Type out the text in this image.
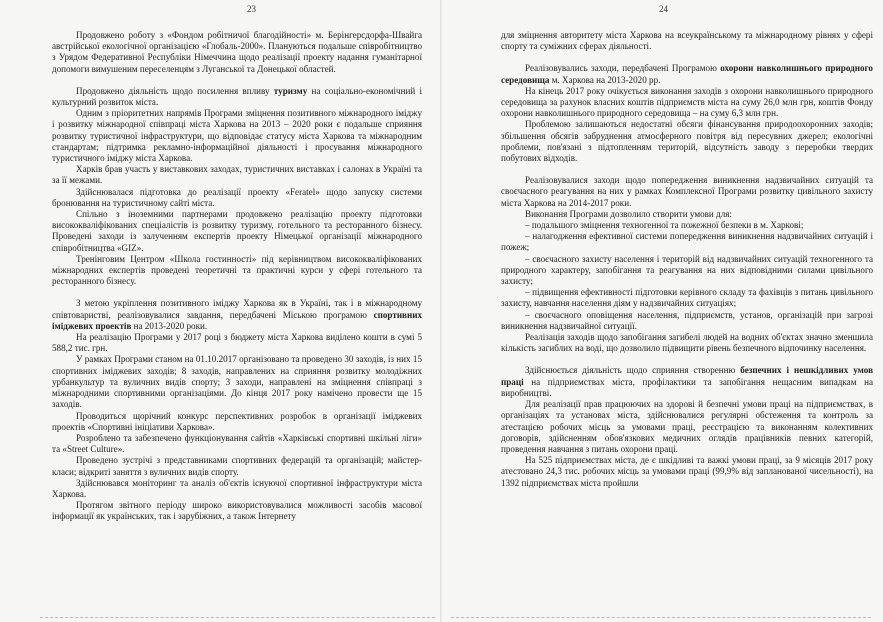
23

Продовжено роботу з «Фондом робітничої благодійності» м. Берінгерсдорфа-Швайга австрійської екологічної організацією «Глобаль-2000». Плануються подальше співробітництво з Урядом Федеративної Республіки Німеччина щодо реалізації проекту надання гуманітарної допомоги вимушеним переселенцям з Луганської та Донецької областей.

Продовжено діяльність щодо посилення впливу туризму на соціально-економічний і культурний розвиток міста.

Одним з пріоритетних напрямів Програми зміцнення позитивного міжнародного іміджу і розвитку міжнародної співпраці міста Харкова на 2013 – 2020 роки є подальше сприяння розвитку туристичної інфраструктури, що відповідає статусу міста Харкова та міжнародним стандартам; підтримка рекламно-інформаційної діяльності і просування міжнародного туристичного іміджу міста Харкова.

Харків брав участь у виставкових заходах, туристичних виставках і салонах в Україні та за її межами.

Здійснювалася підготовка до реалізації проекту «Feratel» щодо запуску системи бронювання на туристичному сайті міста.

Спільно з іноземними партнерами продовжено реалізацію проекту підготовки висококваліфікованих спеціалістів із розвитку туризму, готельного та ресторанного бізнесу. Проведені заходи із залученням експертів проекту Німецької організації міжнародного співробітництва «GIZ».

Тренінговим Центром «Школа гостинності» під керівництвом висококваліфікованих міжнародних експертів проведені теоретичні та практичні курси у сфері готельного та ресторанного бізнесу.

З метою укріплення позитивного іміджу Харкова як в Україні, так і в міжнародному співтоваристві, реалізовувалися завдання, передбачені Міською програмою спортивних іміджевих проектів на 2013-2020 роки.

На реалізацію Програми у 2017 році з бюджету міста Харкова виділено кошти в сумі 5 588,2 тис. грн.

У рамках Програми станом на 01.10.2017 організовано та проведено 30 заходів, із них 15 спортивних іміджевих заходів; 8 заходів, направлених на сприяння розвитку молодіжних урбанкультур та вуличних видів спорту; 3 заходи, направлені на зміцнення співпраці з міжнародними спортивними організаціями. До кінця 2017 року намічено провести ще 15 заходів.

Проводиться щорічний конкурс перспективних розробок в організації іміджевих проектів «Спортивні ініціативи Харкова».

Розроблено та забезпечено функціонування сайтів «Харківські спортивні шкільні ліги» та «Street Culture».

Проведено зустрічі з представниками спортивних федерацій та організацій; майстер-класи; відкриті заняття з вуличних видів спорту.

Здійснювався моніторинг та аналіз об'єктів існуючої спортивної інфраструктури міста Харкова.

Протягом звітного періоду широко використовувалися можливості засобів масової інформації як українських, так і зарубіжних, а також Інтернету

24

для зміцнення авторитету міста Харкова на всеукраїнському та міжнародному рівнях у сфері спорту та суміжних сферах діяльності.

Реалізовувались заходи, передбачені Програмою охорони навколишнього природного середовища м. Харкова на 2013-2020 рр.

На кінець 2017 року очікується виконання заходів з охорони навколишнього природного середовища за рахунок власних коштів підприємств міста на суму 26,0 млн грн, коштів Фонду охорони навколишнього природного середовища – на суму 6,3 млн грн.

Проблемою залишаються недостатні обсяги фінансування природоохоронних заходів; збільшення обсягів забруднення атмосферного повітря від пересувних джерел; екологічні проблеми, пов'язані з підтопленням територій, відсутність заводу з переробки твердих побутових відходів.

Реалізовувалися заходи щодо попередження виникнення надзвичайних ситуацій та своєчасного реагування на них у рамках Комплексної Програми розвитку цивільного захисту міста Харкова на 2014-2017 роки.

Виконання Програми дозволило створити умови для:

– подальшого зміцнення техногенної та пожежної безпеки в м. Харкові;

– налагодження ефективної системи попередження виникнення надзвичайних ситуацій і пожеж;

– своєчасного захисту населення і територій від надзвичайних ситуацій техногенного та природного характеру, запобігання та реагування на них відповідними силами цивільного захисту;

– підвищення ефективності підготовки керівного складу та фахівців з питань цивільного захисту, навчання населення діям у надзвичайних ситуаціях;

– своєчасного оповіщення населення, підприємств, установ, організацій при загрозі виникнення надзвичайної ситуації.

Реалізація заходів щодо запобігання загибелі людей на водних об'єктах значно зменшила кількість загиблих на воді, що дозволило підвищити рівень безпечного відпочинку населення.

Здійснюється діяльність щодо сприяння створенню безпечних і нешкідливих умов праці на підприємствах міста, профілактики та запобігання нещасним випадкам на виробництві.

Для реалізації прав працюючих на здорові й безпечні умови праці на підприємствах, в організаціях та установах міста, здійснювалися регулярні обстеження та контроль за атестацією робочих місць за умовами праці, реєстрацією та виконанням колективних договорів, здійсненням обов'язкових медичних оглядів працівників певних категорій, проведення навчання з питань охорони праці.

На 525 підприємствах міста, де є шкідливі та важкі умови праці, за 9 місяців 2017 року атестовано 24,3 тис. робочих місць за умовами праці (99,9% від запланованої чисельності), на 1392 підприємствах міста пройшли
